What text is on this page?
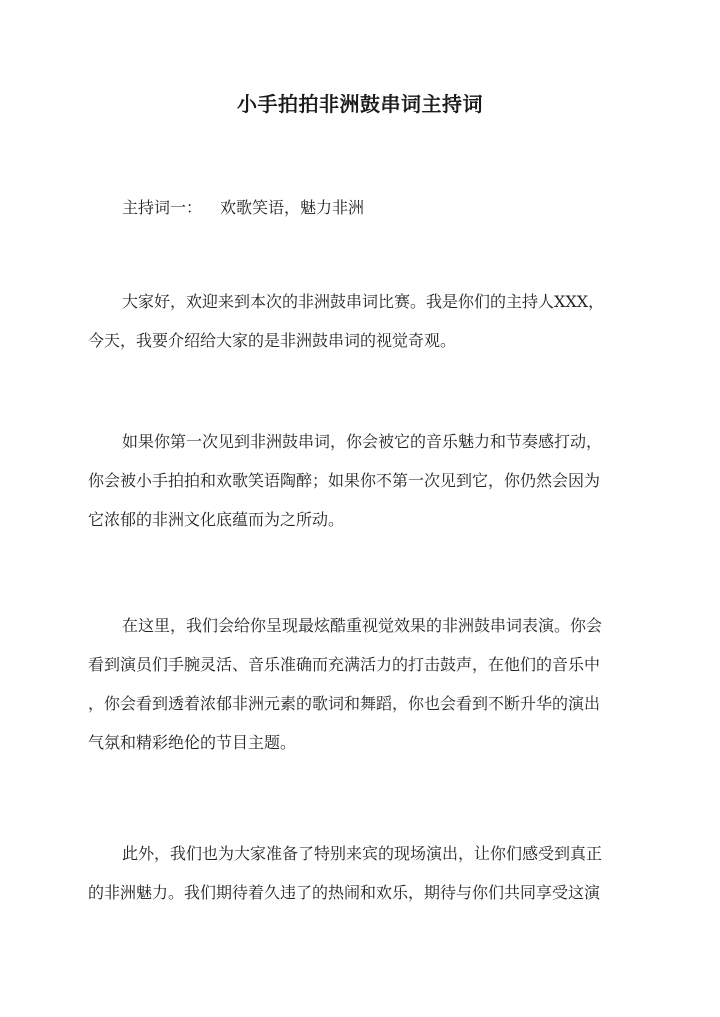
小手拍拍非洲鼓串词主持词
主持词一： 欢歌笑语，魅力非洲
大家好，欢迎来到本次的非洲鼓串词比赛。我是你们的主持人XXX，
今天，我要介绍给大家的是非洲鼓串词的视觉奇观。
如果你第一次见到非洲鼓串词，你会被它的音乐魅力和节奏感打动，
你会被小手拍拍和欢歌笑语陶醉；如果你不第一次见到它，你仍然会因为
它浓郁的非洲文化底蕴而为之所动。
在这里，我们会给你呈现最炫酷重视觉效果的非洲鼓串词表演。你会
看到演员们手腕灵活、音乐准确而充满活力的打击鼓声，在他们的音乐中
，你会看到透着浓郁非洲元素的歌词和舞蹈，你也会看到不断升华的演出
气氛和精彩绝伦的节目主题。
此外，我们也为大家准备了特别来宾的现场演出，让你们感受到真正
的非洲魅力。我们期待着久违了的热闹和欢乐，期待与你们共同享受这演
